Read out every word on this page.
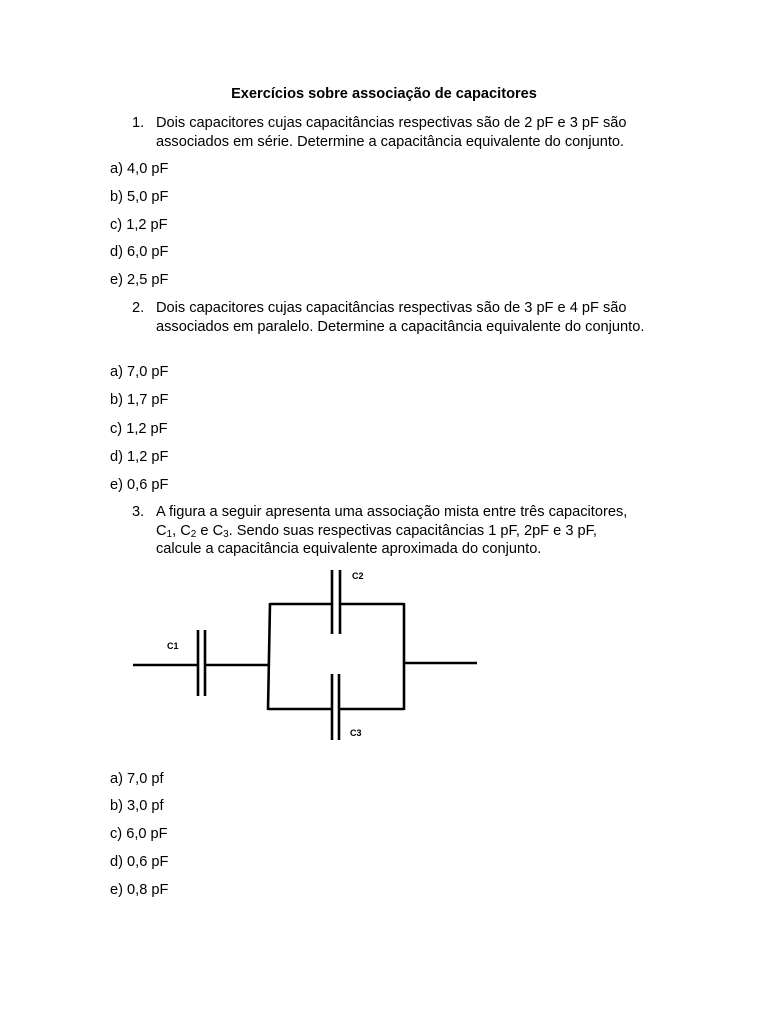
Exercícios sobre associação de capacitores
1. Dois capacitores cujas capacitâncias respectivas são de 2 pF e 3 pF são associados em série. Determine a capacitância equivalente do conjunto.
a) 4,0 pF
b) 5,0 pF
c) 1,2 pF
d) 6,0 pF
e) 2,5 pF
2. Dois capacitores cujas capacitâncias respectivas são de 3 pF e 4 pF são associados em paralelo. Determine a capacitância equivalente do conjunto.
a) 7,0 pF
b) 1,7 pF
c) 1,2 pF
d) 1,2 pF
e) 0,6 pF
3. A figura a seguir apresenta uma associação mista entre três capacitores,
$C_1$, $C_2$ e $C_3$. Sendo suas respectivas capacitâncias 1 pF, 2pF e 3 pF,
calcule a capacitância equivalente aproximada do conjunto.
C1
C2
C3
a) 7,0 pf
b) 3,0 pf
c) 6,0 pF
d) 0,6 pF
e) 0,8 pF
